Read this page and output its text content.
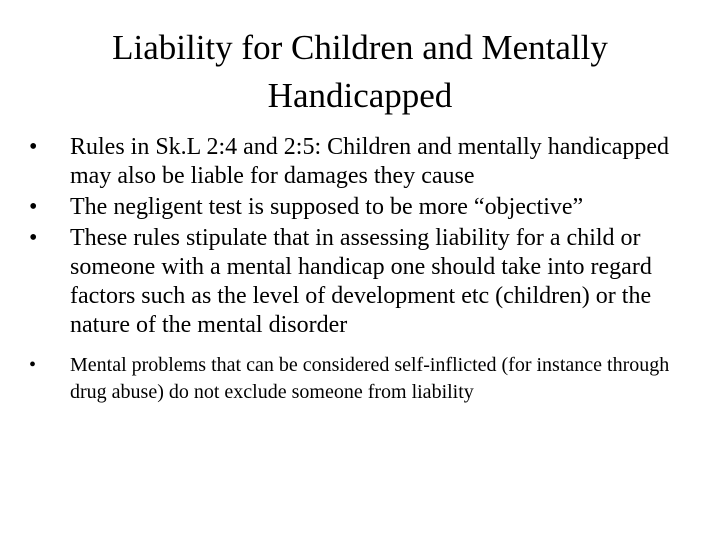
Liability for Children and Mentally Handicapped
• Rules in Sk.L 2:4 and 2:5: Children and mentally handicapped may also be liable for damages they cause
• The negligent test is supposed to be more “objective”
• These rules stipulate that in assessing liability for a child or someone with a mental handicap one should take into regard factors such as the level of development etc (children) or the nature of the mental disorder
• Mental problems that can be considered self-inflicted (for instance through drug abuse) do not exclude someone from liability
